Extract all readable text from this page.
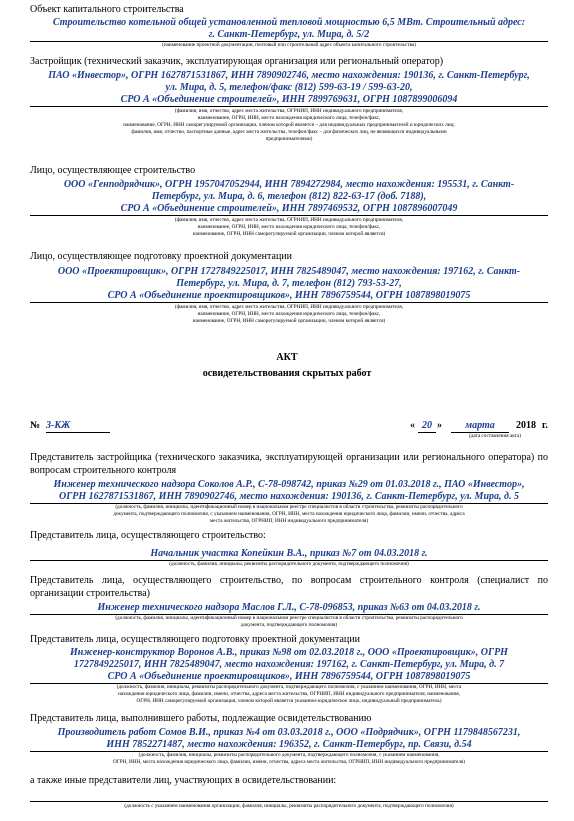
Объект капитального строительства
Строительство котельной общей установленной тепловой мощностью 6,5 МВт. Строительный адрес:
г. Санкт-Петербург, ул. Мира, д. 5/2
(наименование проектной документации, почтовый или строительный адрес объекта капитального строительства)
Застройщик (технический заказчик, эксплуатирующая организация или региональный оператор)
ПАО «Инвестор», ОГРН 1627871531867, ИНН 7890902746, место нахождения: 190136, г. Санкт-Петербург,
ул. Мира, д. 5, телефон/факс (812) 599-63-19 / 599-63-20,
СРО А «Объединение строителей», ИНН 7899769631, ОГРН 1087899006094
(фамилия, имя, отчество, адрес места жительства, ОГРНИП, ИНН индивидуального предпринимателя,
наименование, ОГРН, ИНН, место нахождения юридического лица, телефон/факс,
наименование, ОГРН, ИНН саморегулируемой организации, членом которой является – для индивидуальных предпринимателей и юридических лиц;
фамилия, имя, отчество, паспортные данные, адрес места жительства, телефон/факс – для физических лиц, не являющихся индивидуальными
предпринимателями)
Лицо, осуществляющее строительство
ООО «Генподрядчик», ОГРН 1957047052944, ИНН 7894272984, место нахождения: 195531, г. Санкт-
Петербург, ул. Мира, д. 6, телефон (812) 822-63-17 (доб. 7188),
СРО А «Объединение строителей», ИНН 7897469532, ОГРН 1087896007049
(фамилия, имя, отчество, адрес места жительства, ОГРНИП, ИНН индивидуального предпринимателя,
наименование, ОГРН, ИНН, место нахождения юридического лица, телефон/факс,
наименование, ОГРН, ИНН саморегулируемой организации, членом которой является)
Лицо, осуществляющее подготовку проектной документации
ООО «Проектировщик», ОГРН 1727849225017, ИНН 7825489047, место нахождения: 197162, г. Санкт-
Петербург, ул. Мира, д. 7, телефон (812) 793-53-27,
СРО А «Объединение проектировщиков», ИНН 7896759544, ОГРН 1087898019075
(фамилия, имя, отчество, адрес места жительства, ОГРНИП, ИНН индивидуального предпринимателя,
наименование, ОГРН, ИНН, место нахождения юридического лица, телефон/факс,
наименование, ОГРН, ИНН саморегулируемой организации, членом которой является)
АКТ
освидетельствования скрытых работ
№ 3-КЖ	« 20 »	марта	2018 г.
(дата составления акта)
Представитель застройщика (технического заказчика, эксплуатирующей организации или регионального оператора) по вопросам строительного контроля
Инженер технического надзора Соколов А.Р., С-78-098742, приказ №29 от 01.03.2018 г., ПАО «Инвестор»,
ОГРН 1627871531867, ИНН 7890902746, место нахождения: 190136, г. Санкт-Петербург, ул. Мира, д. 5
(должность, фамилия, инициалы, идентификационный номер в национальном реестре специалистов в области строительства, реквизиты распорядительного
документа, подтверждающего полномочия, с указанием наименования, ОГРН, ИНН, места нахождения юридического лица, фамилии, имени, отчества, адреса
места жительства, ОГРНИП, ИНН индивидуального предпринимателя)
Представитель лица, осуществляющего строительство:
Начальник участка Копейкин В.А., приказ №7 от 04.03.2018 г.
(должность, фамилия, инициалы, реквизиты распорядительного документа, подтверждающего полномочия)
Представитель лица, осуществляющего строительство, по вопросам строительного контроля (специалист по организации строительства)
Инженер технического надзора Маслов Г.Л., С-78-096853, приказ №63 от 04.03.2018 г.
(должность, фамилия, инициалы, идентификационный номер в национальном реестре специалистов в области строительства, реквизиты распорядительного
документа, подтверждающего полномочия)
Представитель лица, осуществляющего подготовку проектной документации
Инженер-конструктор Воронов А.В., приказ №98 от 02.03.2018 г., ООО «Проектировщик», ОГРН
1727849225017, ИНН 7825489047, место нахождения: 197162, г. Санкт-Петербург, ул. Мира, д. 7
СРО А «Объединение проектировщиков», ИНН 7896759544, ОГРН 1087898019075
(должность, фамилия, инициалы, реквизиты распорядительного документа, подтверждающего полномочия, с указанием наименования, ОГРН, ИНН, места
нахождения юридического лица, фамилии, имени, отчества, адреса места жительства, ОГРНИП, ИНН индивидуального предпринимателя, наименования,
ОГРН, ИНН саморегулируемой организации, членом которой является указанное юридическое лицо, индивидуальный предприниматель)
Представитель лица, выполнившего работы, подлежащие освидетельствованию
Производитель работ Сомов В.И., приказ №4 от 03.03.2018 г., ООО «Подрядчик», ОГРН 1179848567231,
ИНН 7852271487, место нахождения: 196352, г. Санкт-Петербург, пр. Связи, д.54
(должность, фамилия, инициалы, реквизиты распорядительного документа, подтверждающего полномочия, с указанием наименования,
ОГРН, ИНН, места нахождения юридического лица, фамилии, имени, отчества, адреса места жительства, ОГРНИП, ИНН индивидуального предпринимателя)
а также иные представители лиц, участвующих в освидетельствовании:
(должность с указанием наименования организации, фамилия, инициалы, реквизиты распорядительного документа, подтверждающего полномочия)
